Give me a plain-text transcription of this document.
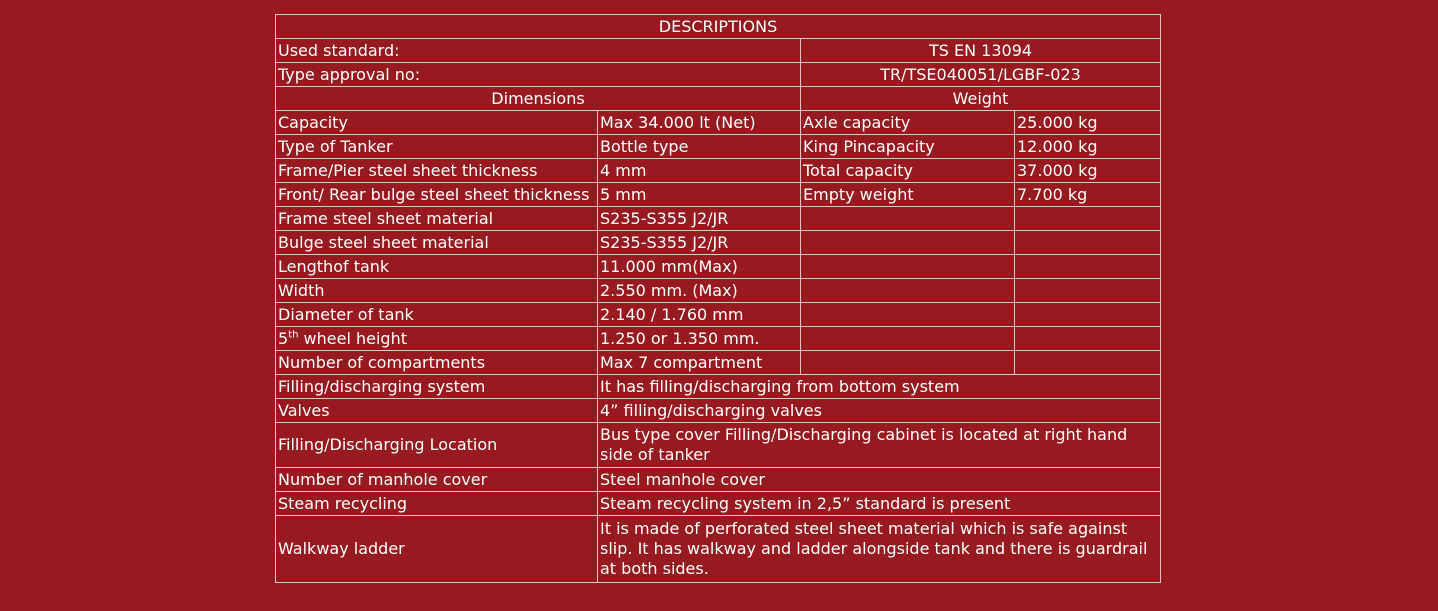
DESCRIPTIONS			
Used standard:		TS EN 13094	
Type approval no:		TR/TSE040051/LGBF-023	
Dimensions		Weight	
Capacity	Max 34.000 lt (Net)	Axle capacity	25.000 kg
Type of Tanker	Bottle type	King Pincapacity	12.000 kg
Frame/Pier steel sheet thickness	4 mm	Total capacity	37.000 kg
Front/ Rear bulge steel sheet thickness	5 mm	Empty weight	7.700 kg
Frame steel sheet material	S235-S355 J2/JR		
Bulge steel sheet material	S235-S355 J2/JR		
Lengthof tank	11.000 mm(Max)		
Width	2.550 mm. (Max)		
Diameter of tank	2.140 / 1.760 mm		
5th wheel height	1.250 or 1.350 mm.		
Number of compartments	Max 7 compartment		
Filling/discharging system	It has filling/discharging from bottom system		
Valves	4” filling/discharging valves		
Filling/Discharging Location	Bus type cover Filling/Discharging cabinet is located at right hand side of tanker		
Number of manhole cover	Steel manhole cover		
Steam recycling	Steam recycling system in 2,5” standard is present		
Walkway ladder	It is made of perforated steel sheet material which is safe against slip. It has walkway and ladder alongside tank and there is guardrail at both sides.		
